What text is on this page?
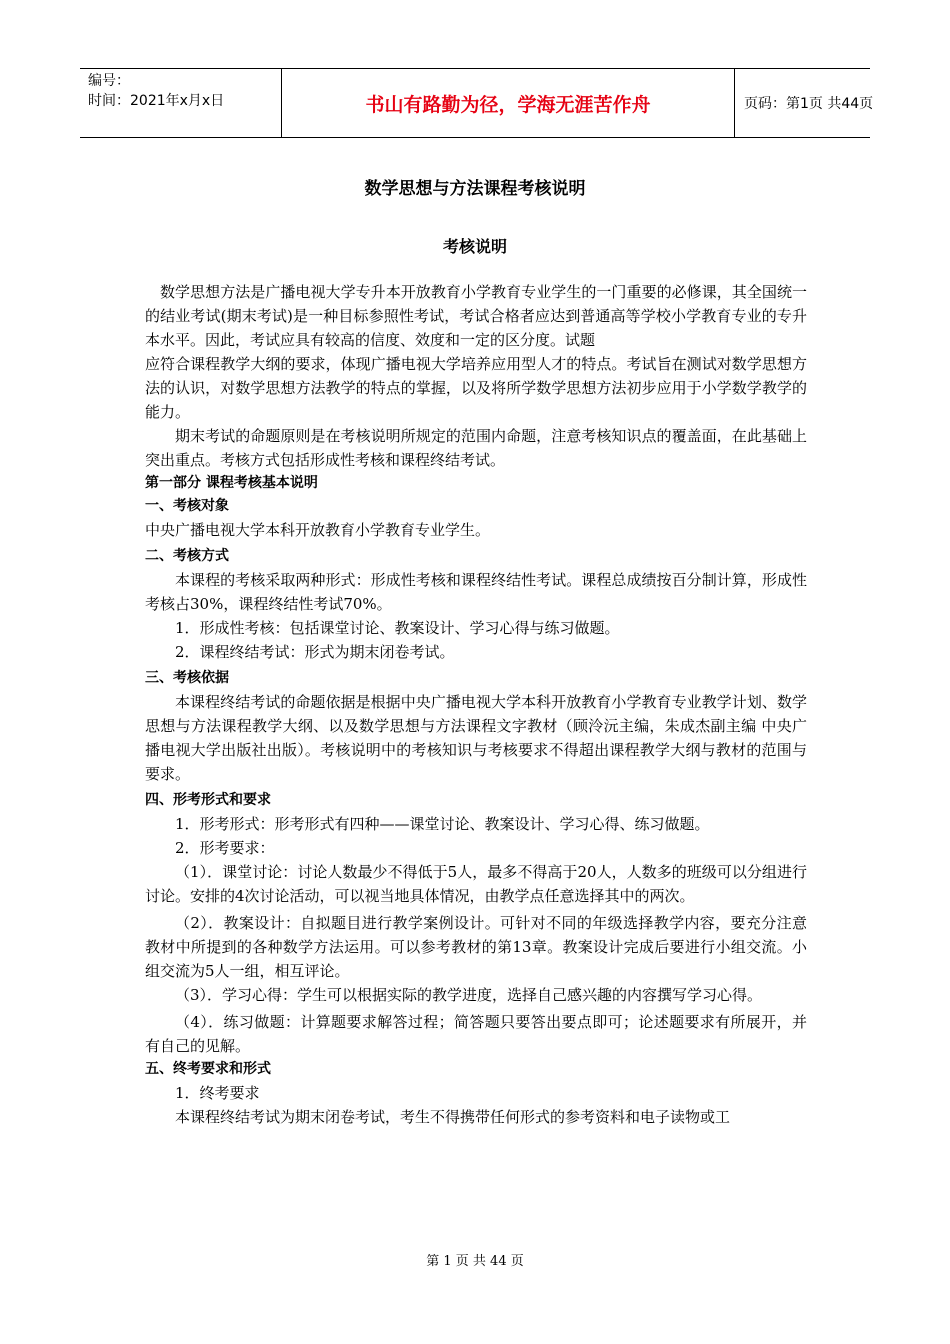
编号：
时间：2021年x月x日	书山有路勤为径，学海无涯苦作舟	页码：第1页 共44页
数学思想与方法课程考核说明
考核说明

数学思想方法是广播电视大学专升本开放教育小学教育专业学生的一门重要的必修课，其全国统一的结业考试(期末考试)是一种目标参照性考试，考试合格者应达到普通高等学校小学教育专业的专升本水平。因此，考试应具有较高的信度、效度和一定的区分度。试题

应符合课程教学大纲的要求，体现广播电视大学培养应用型人才的特点。考试旨在测试对数学思想方法的认识，对数学思想方法教学的特点的掌握，以及将所学数学思想方法初步应用于小学数学教学的能力。

期末考试的命题原则是在考核说明所规定的范围内命题，注意考核知识点的覆盖面，在此基础上突出重点。考核方式包括形成性考核和课程终结考试。

第一部分 课程考核基本说明

一、考核对象

中央广播电视大学本科开放教育小学教育专业学生。

二、考核方式

本课程的考核采取两种形式：形成性考核和课程终结性考试。课程总成绩按百分制计算，形成性考核占30%，课程终结性考试70%。

1．形成性考核：包括课堂讨论、教案设计、学习心得与练习做题。

2．课程终结考试：形式为期末闭卷考试。

三、考核依据

本课程终结考试的命题依据是根据中央广播电视大学本科开放教育小学教育专业教学计划、数学思想与方法课程教学大纲、以及数学思想与方法课程文字教材（顾泠沅主编，朱成杰副主编 中央广播电视大学出版社出版）。考核说明中的考核知识与考核要求不得超出课程教学大纲与教材的范围与要求。

四、形考形式和要求

1．形考形式：形考形式有四种——课堂讨论、教案设计、学习心得、练习做题。

2．形考要求：

（1）．课堂讨论：讨论人数最少不得低于5人，最多不得高于20人，人数多的班级可以分组进行讨论。安排的4次讨论活动，可以视当地具体情况，由教学点任意选择其中的两次。

（2）．教案设计：自拟题目进行教学案例设计。可针对不同的年级选择教学内容，要充分注意教材中所提到的各种数学方法运用。可以参考教材的第13章。教案设计完成后要进行小组交流。小组交流为5人一组，相互评论。

（3）．学习心得：学生可以根据实际的教学进度，选择自己感兴趣的内容撰写学习心得。

（4）．练习做题：计算题要求解答过程；简答题只要答出要点即可；论述题要求有所展开，并有自己的见解。

五、终考要求和形式

1．终考要求

本课程终结考试为期末闭卷考试，考生不得携带任何形式的参考资料和电子读物或工

第 1 页 共 44 页
